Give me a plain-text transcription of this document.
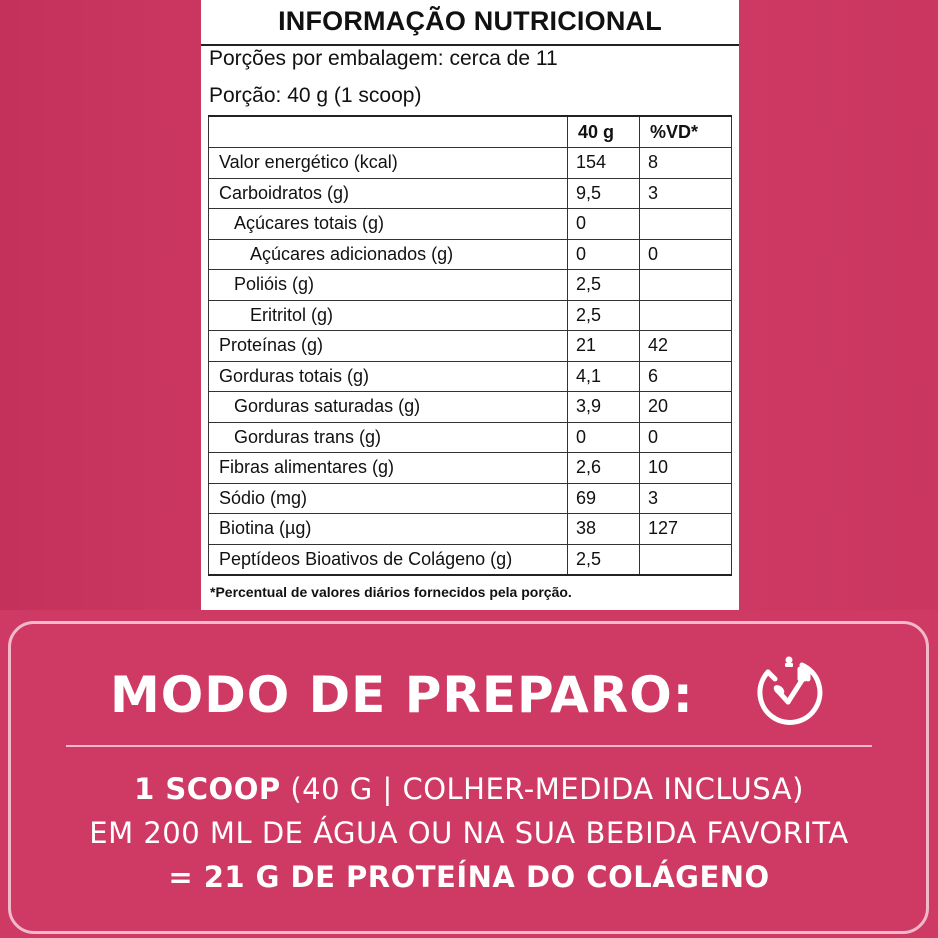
INFORMAÇÃO NUTRICIONAL
Porções por embalagem: cerca de 11
Porção: 40 g (1 scoop)
	40 g	%VD*
Valor energético (kcal)	154	8
Carboidratos (g)	9,5	3
Açúcares totais (g)	0	
Açúcares adicionados (g)	0	0
Polióis (g)	2,5	
Eritritol (g)	2,5	
Proteínas (g)	21	42
Gorduras totais (g)	4,1	6
Gorduras saturadas (g)	3,9	20
Gorduras trans (g)	0	0
Fibras alimentares (g)	2,6	10
Sódio (mg)	69	3
Biotina (µg)	38	127
Peptídeos Bioativos de Colágeno (g)	2,5	
*Percentual de valores diários fornecidos pela porção.
MODO DE PREPARO:
1 SCOOP (40 G | COLHER-MEDIDA INCLUSA)
EM 200 ML DE ÁGUA OU NA SUA BEBIDA FAVORITA
= 21 G DE PROTEÍNA DO COLÁGENO
